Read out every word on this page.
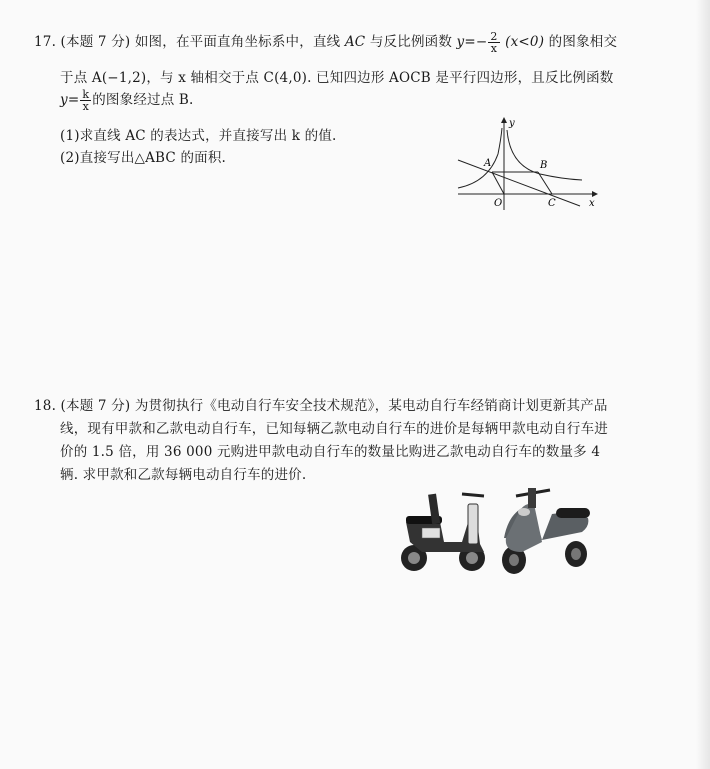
17. (本题 7 分) 如图，在平面直角坐标系中，直线 AC 与反比例函数 $y=- \frac{2}{x} (x<0)$ 的图象相交
于点 A(−1,2)，与 x 轴相交于点 C(4,0). 已知四边形 AOCB 是平行四边形，且反比例函数
$y= \frac{k}{x}$ 的图象经过点 B.
(1)求直线 AC 的表达式，并直接写出 k 的值.
(2)直接写出△ABC 的面积.
y
x
A	B
O	C
18. (本题 7 分) 为贯彻执行《电动自行车安全技术规范》，某电动自行车经销商计划更新其产品
线，现有甲款和乙款电动自行车，已知每辆乙款电动自行车的进价是每辆甲款电动自行车进
价的 1.5 倍，用 36 000 元购进甲款电动自行车的数量比购进乙款电动自行车的数量多 4
辆. 求甲款和乙款每辆电动自行车的进价.
